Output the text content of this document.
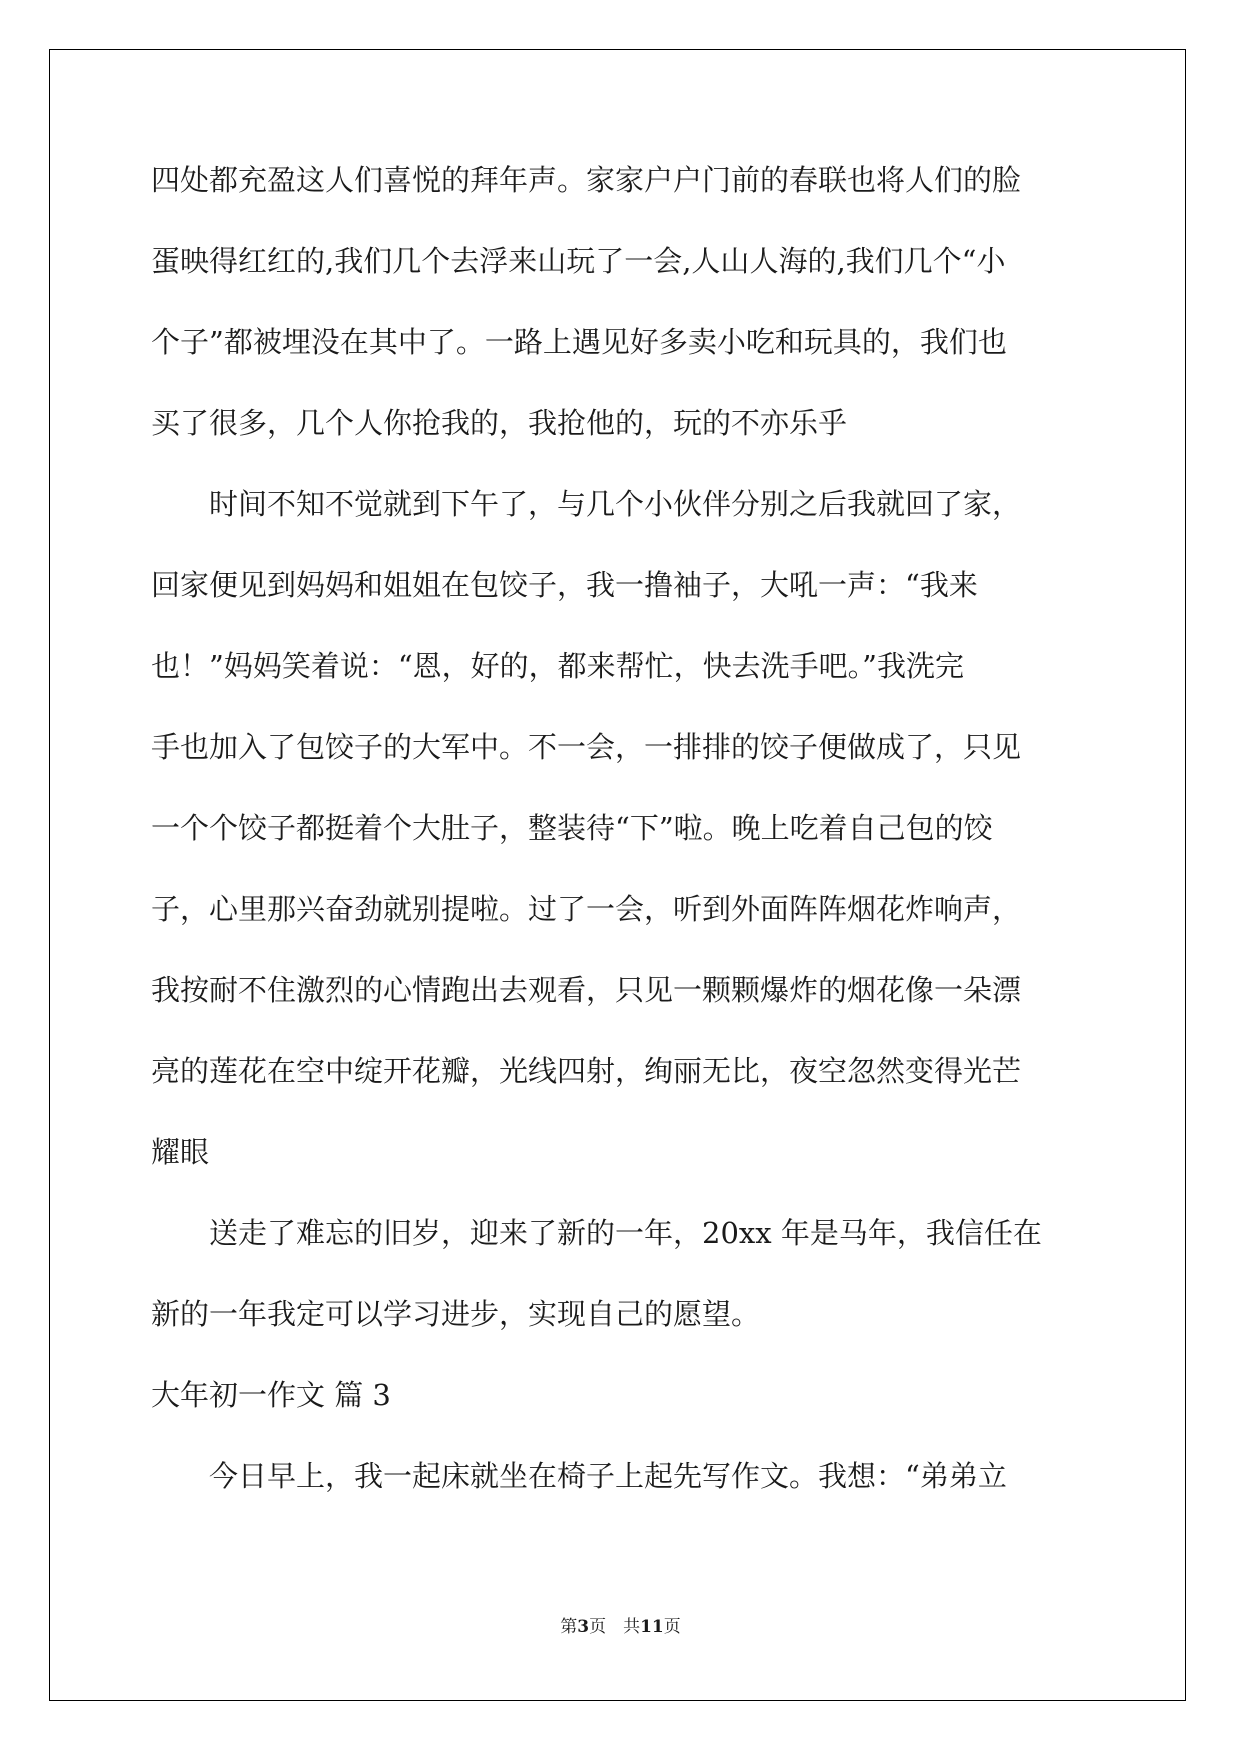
四处都充盈这人们喜悦的拜年声。家家户户门前的春联也将人们的脸
蛋映得红红的,我们几个去浮来山玩了一会,人山人海的,我们几个“小
个子”都被埋没在其中了。一路上遇见好多卖小吃和玩具的，我们也
买了很多，几个人你抢我的，我抢他的，玩的不亦乐乎
　　时间不知不觉就到下午了，与几个小伙伴分别之后我就回了家，
回家便见到妈妈和姐姐在包饺子，我一撸袖子，大吼一声：“我来
也！”妈妈笑着说：“恩，好的，都来帮忙，快去洗手吧。”我洗完
手也加入了包饺子的大军中。不一会，一排排的饺子便做成了，只见
一个个饺子都挺着个大肚子，整装待“下”啦。晚上吃着自己包的饺
子，心里那兴奋劲就别提啦。过了一会，听到外面阵阵烟花炸响声，
我按耐不住激烈的心情跑出去观看，只见一颗颗爆炸的烟花像一朵漂
亮的莲花在空中绽开花瓣，光线四射，绚丽无比，夜空忽然变得光芒
耀眼
　　送走了难忘的旧岁，迎来了新的一年，20xx 年是马年，我信任在
新的一年我定可以学习进步，实现自己的愿望。
大年初一作文 篇 3
　　今日早上，我一起床就坐在椅子上起先写作文。我想：“弟弟立
第3页　共11页
